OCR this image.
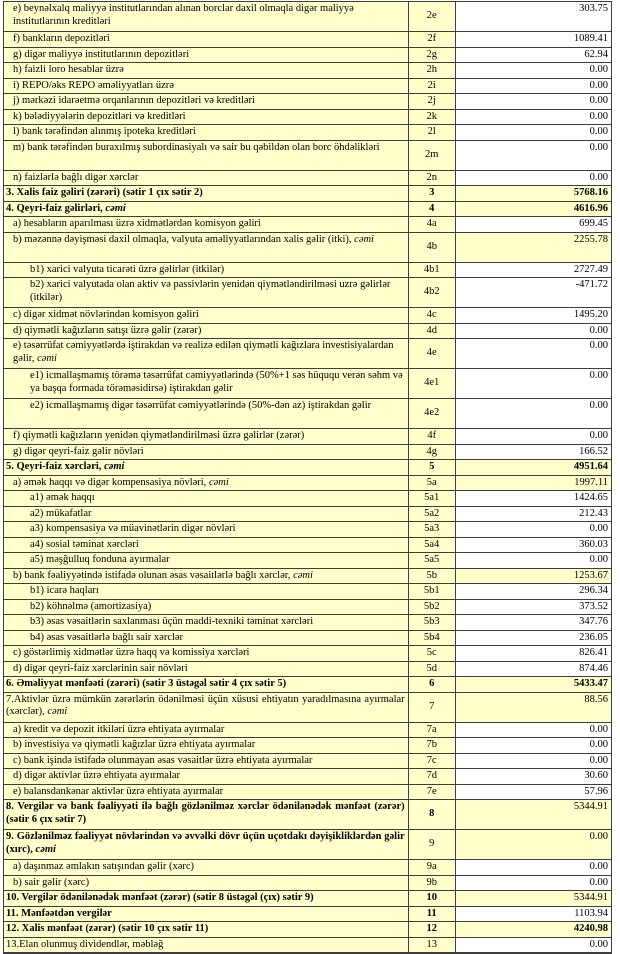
e) beynəlxalq maliyyə institutlarından alınan borclar daxil olmaqla digər maliyyə institutlarının kreditləri	2e	303.75
f) bankların depozitləri	2f	1089.41
g) digər maliyyə institutlarının depozitləri	2g	62.94
h) faizli loro hesablar üzrə	2h	0.00
i) REPO/əks REPO əməliyyatları üzrə	2i	0.00
j) mərkəzi idarəetmə orqanlarının depozitləri və kreditləri	2j	0.00
k) bələdiyyələrin depozitləri və kreditləri	2k	0.00
l) bank tərəfindən alınmış ipoteka kreditləri	2l	0.00
m) bank tərəfindən buraxılmış subordinasiyalı və sair bu qəbildən olan borc öhdəlikləri	2m	0.00
n) faizlərlə bağlı digər xərclər	2n	0.00
3. Xalis faiz gəliri (zərəri) (sətir 1 çıx sətir 2)	3	5768.16
4. Qeyri-faiz gəlirləri, cəmi	4	4616.96
a) hesabların aparılması üzrə xidmətlərdən komisyon gəliri	4a	699.45
b) məzənnə dəyişməsi daxil olmaqla, valyuta əməliyyatlarından xalis gəlir (itki), cəmi	4b	2255.78
b1) xarici valyuta ticarəti üzrə gəlirlər (itkilər)	4b1	2727.49
b2) xarici valyutada olan aktiv və passivlərin yenidən qiymətləndirilməsi uzrə gəlirlər (itkilər)	4b2	-471.72
c) digər xidmət növlərindən komisyon gəliri	4c	1495.20
d) qiymətli kağızların satışı üzrə gəlir (zərər)	4d	0.00
e) təsərrüfat cəmiyyətlərdə iştirakdan və realizə edilən qiymətli kağızlara investisiyalardan gəlir, cəmi	4e	0.00
e1) icmallaşmamış törəmə təsərrüfat cəmiyyətlərində (50%+1 səs hüququ verən səhm və ya başqa formada törəməsidirsə) iştirakdan gəlir	4e1	0.00
e2) icmallaşmamış digər təsərrüfat cəmiyyətlərində (50%-dən az) iştirakdan gəlir	4e2	0.00
f) qiymətli kağızların yenidən qiymətləndirilməsi üzrə gəlirlər (zərər)	4f	0.00
g) digər qeyri-faiz gəlir növləri	4g	166.52
5. Qeyri-faiz xərcləri, cəmi	5	4951.64
a) əmək haqqı və digər kompensasiya növləri, cəmi	5a	1997.11
a1) əmək haqqı	5a1	1424.65
a2) mükafatlar	5a2	212.43
a3) kompensasiya və müavinətlərin digər növləri	5a3	0.00
a4) sosial təminat xərcləri	5a4	360.03
a5) məşğulluq fonduna ayırmalar	5a5	0.00
b) bank fəaliyyətində istifadə olunan əsas vəsaitlərlə bağlı xərclər, cəmi	5b	1253.67
b1) icarə haqları	5b1	296.34
b2) köhnəlmə (amortizasiya)	5b2	373.52
b3) əsas vəsaitlərin saxlanması üçün maddi-texniki təminat xərcləri	5b3	347.76
b4) əsas vəsaitlərlə bağlı sair xərclər	5b4	236.05
c) göstərlimiş xidmətlər üzrə haqq və komissiya xərcləri	5c	826.41
d) digər qeyri-faiz xərclərinin sair növləri	5d	874.46
6. Əməliyyat mənfəəti (zərəri) (sətir 3 üstəgəl sətir 4 çıx sətir 5)	6	5433.47
7.Aktivlər üzrə mümkün zərərlərin ödənilməsi üçün xüsusi ehtiyatın yaradılmasına ayırmalar (xərclər), cəmi	7	88.56
a) kredit və depozit itkiləri üzrə ehtiyata ayırmalar	7a	0.00
b) investisiya və qiymətli kağızlar üzrə ehtiyata ayırmalar	7b	0.00
c) bank işində istifadə olunmayan əsas vəsaitlər üzrə ehtiyata ayırmalar	7c	0.00
d) digər aktivlər üzrə ehtiyata ayırmalar	7d	30.60
e) balansdankənar aktivlər üzrə ehtiyata ayırmalar	7e	57.96
8. Vergilər və bank fəaliyyəti ilə bağlı gözlənilməz xərclər ödənilənədək mənfəət (zərər) (sətir 6 çıx sətir 7)	8	5344.91
9. Gözlənilməz fəaliyyət növlərindən və əvvəlki dövr üçün uçotdakı dəyişikliklərdən gəlir (xırc), cəmi	9	0.00
a) daşınmaz əmlakın satışından gəlir (xərc)	9a	0.00
b) sair gəlir (xərc)	9b	0.00
10. Vergilər ödənilənədək mənfəət (zərər) (sətir 8 üstəgəl (çıx) sətir 9)	10	5344.91
11. Mənfəətdən vergilər	11	1103.94
12. Xalis mənfəət (zərər) (sətir 10 çıx sətir 11)	12	4240.98
13.Elan olunmuş dividendlər, məbləğ	13	0.00
